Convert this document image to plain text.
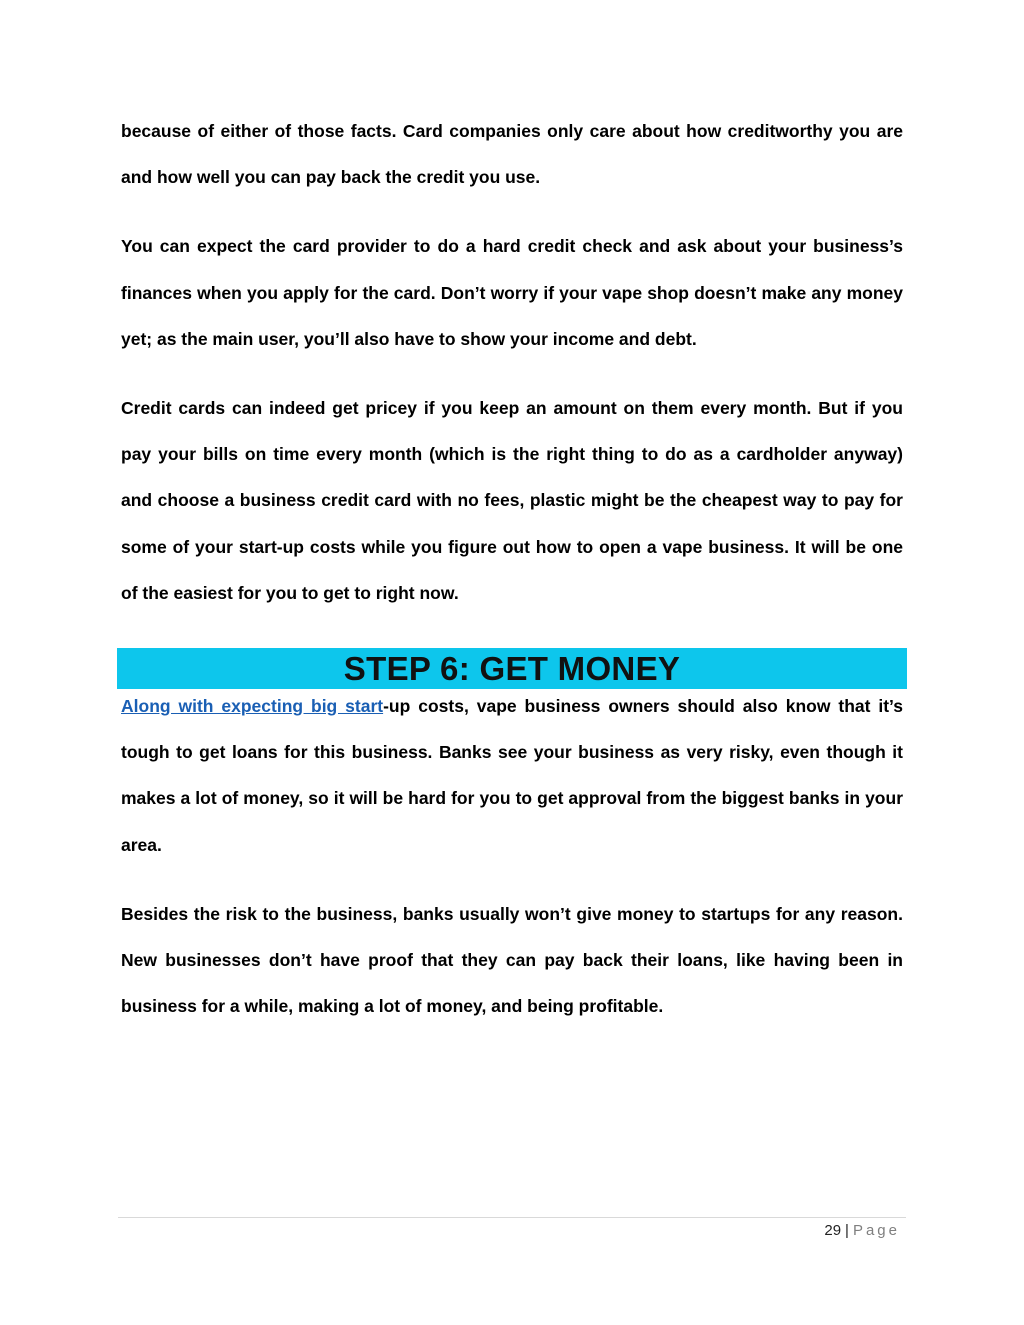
because of either of those facts. Card companies only care about how creditworthy you are and how well you can pay back the credit you use.

You can expect the card provider to do a hard credit check and ask about your business’s finances when you apply for the card. Don’t worry if your vape shop doesn’t make any money yet; as the main user, you’ll also have to show your income and debt.

Credit cards can indeed get pricey if you keep an amount on them every month. But if you pay your bills on time every month (which is the right thing to do as a cardholder anyway) and choose a business credit card with no fees, plastic might be the cheapest way to pay for some of your start-up costs while you figure out how to open a vape business. It will be one of the easiest for you to get to right now.

STEP 6: GET MONEY

Along with expecting big start-up costs, vape business owners should also know that it’s tough to get loans for this business. Banks see your business as very risky, even though it makes a lot of money, so it will be hard for you to get approval from the biggest banks in your area.

Besides the risk to the business, banks usually won’t give money to startups for any reason. New businesses don’t have proof that they can pay back their loans, like having been in business for a while, making a lot of money, and being profitable.

29 | Page
